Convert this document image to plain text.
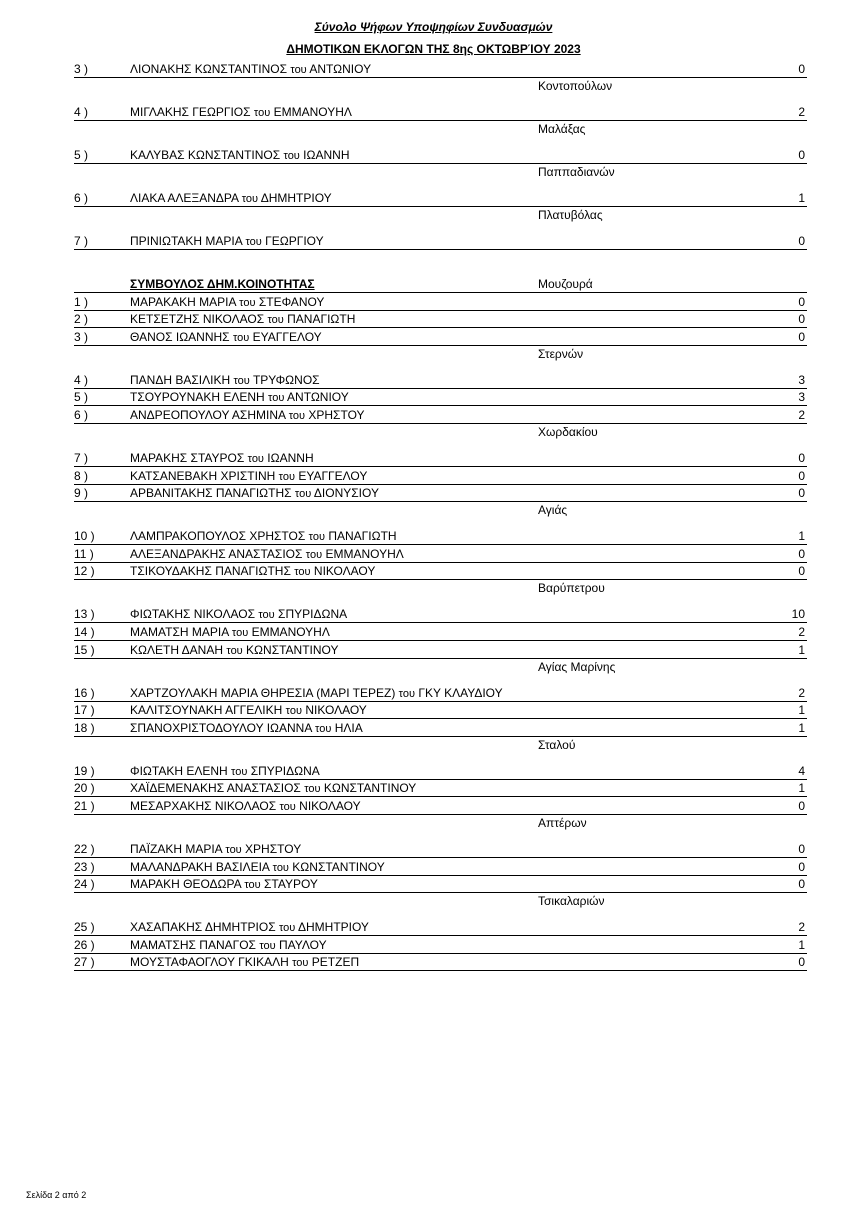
Σύνολο Ψήφων Υποψηφίων Συνδυασμών
ΔΗΜΟΤΙΚΩΝ ΕΚΛΟΓΩΝ ΤΗΣ 8ης ΟΚΤΩΒΡΊΟΥ 2023
3 )	ΛΙΟΝΑΚΗΣ ΚΩΝΣΤΑΝΤΙΝΟΣ του ΑΝΤΩΝΙΟΥ	0
Κοντοπούλων
4 )	ΜΙΓΛΑΚΗΣ ΓΕΩΡΓΙΟΣ του ΕΜΜΑΝΟΥΗΛ	2
Μαλάξας
5 )	ΚΑΛΥΒΑΣ ΚΩΝΣΤΑΝΤΙΝΟΣ του ΙΩΑΝΝΗ	0
Παππαδιανών
6 )	ΛΙΑΚΑ ΑΛΕΞΑΝΔΡΑ του ΔΗΜΗΤΡΙΟΥ	1
Πλατυβόλας
7 )	ΠΡΙΝΙΩΤΑΚΗ ΜΑΡΙΑ του ΓΕΩΡΓΙΟΥ	0
ΣΥΜΒΟΥΛΟΣ ΔΗΜ.ΚΟΙΝΟΤΗΤΑΣ	Μουζουρά
1 )	ΜΑΡΑΚΑΚΗ ΜΑΡΙΑ του ΣΤΕΦΑΝΟΥ	0
2 )	ΚΕΤΣΕΤΖΗΣ ΝΙΚΟΛΑΟΣ του ΠΑΝΑΓΙΩΤΗ	0
3 )	ΘΑΝΟΣ ΙΩΑΝΝΗΣ του ΕΥΑΓΓΕΛΟΥ	0
Στερνών
4 )	ΠΑΝΔΗ ΒΑΣΙΛΙΚΗ του ΤΡΥΦΩΝΟΣ	3
5 )	ΤΣΟΥΡΟΥΝΑΚΗ ΕΛΕΝΗ του ΑΝΤΩΝΙΟΥ	3
6 )	ΑΝΔΡΕΟΠΟΥΛΟΥ ΑΣΗΜΙΝΑ του ΧΡΗΣΤΟΥ	2
Χωρδακίου
7 )	ΜΑΡΑΚΗΣ ΣΤΑΥΡΟΣ του ΙΩΑΝΝΗ	0
8 )	ΚΑΤΣΑΝΕΒΑΚΗ ΧΡΙΣΤΙΝΗ του ΕΥΑΓΓΕΛΟΥ	0
9 )	ΑΡΒΑΝΙΤΑΚΗΣ ΠΑΝΑΓΙΩΤΗΣ του ΔΙΟΝΥΣΙΟΥ	0
Αγιάς
10 )	ΛΑΜΠΡΑΚΟΠΟΥΛΟΣ ΧΡΗΣΤΟΣ του ΠΑΝΑΓΙΩΤΗ	1
11 )	ΑΛΕΞΑΝΔΡΑΚΗΣ ΑΝΑΣΤΑΣΙΟΣ του ΕΜΜΑΝΟΥΗΛ	0
12 )	ΤΣΙΚΟΥΔΑΚΗΣ ΠΑΝΑΓΙΩΤΗΣ του ΝΙΚΟΛΑΟΥ	0
Βαρύπετρου
13 )	ΦΙΩΤΑΚΗΣ ΝΙΚΟΛΑΟΣ του ΣΠΥΡΙΔΩΝΑ	10
14 )	ΜΑΜΑΤΣΗ ΜΑΡΙΑ του ΕΜΜΑΝΟΥΗΛ	2
15 )	ΚΩΛΕΤΗ ΔΑΝΑΗ του ΚΩΝΣΤΑΝΤΙΝΟΥ	1
Αγίας Μαρίνης
16 )	ΧΑΡΤΖΟΥΛΑΚΗ ΜΑΡΙΑ ΘΗΡΕΣΙΑ (ΜΑΡΙ ΤΕΡΕΖ) του ΓΚΥ ΚΛΑΥΔΙΟΥ	2
17 )	ΚΑΛΙΤΣΟΥΝΑΚΗ ΑΓΓΕΛΙΚΗ του ΝΙΚΟΛΑΟΥ	1
18 )	ΣΠΑΝΟΧΡΙΣΤΟΔΟΥΛΟΥ ΙΩΑΝΝΑ του ΗΛΙΑ	1
Σταλού
19 )	ΦΙΩΤΑΚΗ ΕΛΕΝΗ του ΣΠΥΡΙΔΩΝΑ	4
20 )	ΧΑΪΔΕΜΕΝΑΚΗΣ ΑΝΑΣΤΑΣΙΟΣ του ΚΩΝΣΤΑΝΤΙΝΟΥ	1
21 )	ΜΕΣΑΡΧΑΚΗΣ ΝΙΚΟΛΑΟΣ του ΝΙΚΟΛΑΟΥ	0
Απτέρων
22 )	ΠΑΪΖΑΚΗ ΜΑΡΙΑ του ΧΡΗΣΤΟΥ	0
23 )	ΜΑΛΑΝΔΡΑΚΗ ΒΑΣΙΛΕΙΑ του ΚΩΝΣΤΑΝΤΙΝΟΥ	0
24 )	ΜΑΡΑΚΗ ΘΕΟΔΩΡΑ του ΣΤΑΥΡΟΥ	0
Τσικαλαριών
25 )	ΧΑΣΑΠΑΚΗΣ ΔΗΜΗΤΡΙΟΣ του ΔΗΜΗΤΡΙΟΥ	2
26 )	ΜΑΜΑΤΣΗΣ ΠΑΝΑΓΟΣ του ΠΑΥΛΟΥ	1
27 )	ΜΟΥΣΤΑΦΑΟΓΛΟΥ ΓΚΙΚΑΛΗ του ΡΕΤΖΕΠ	0
Σελίδα 2 από 2
